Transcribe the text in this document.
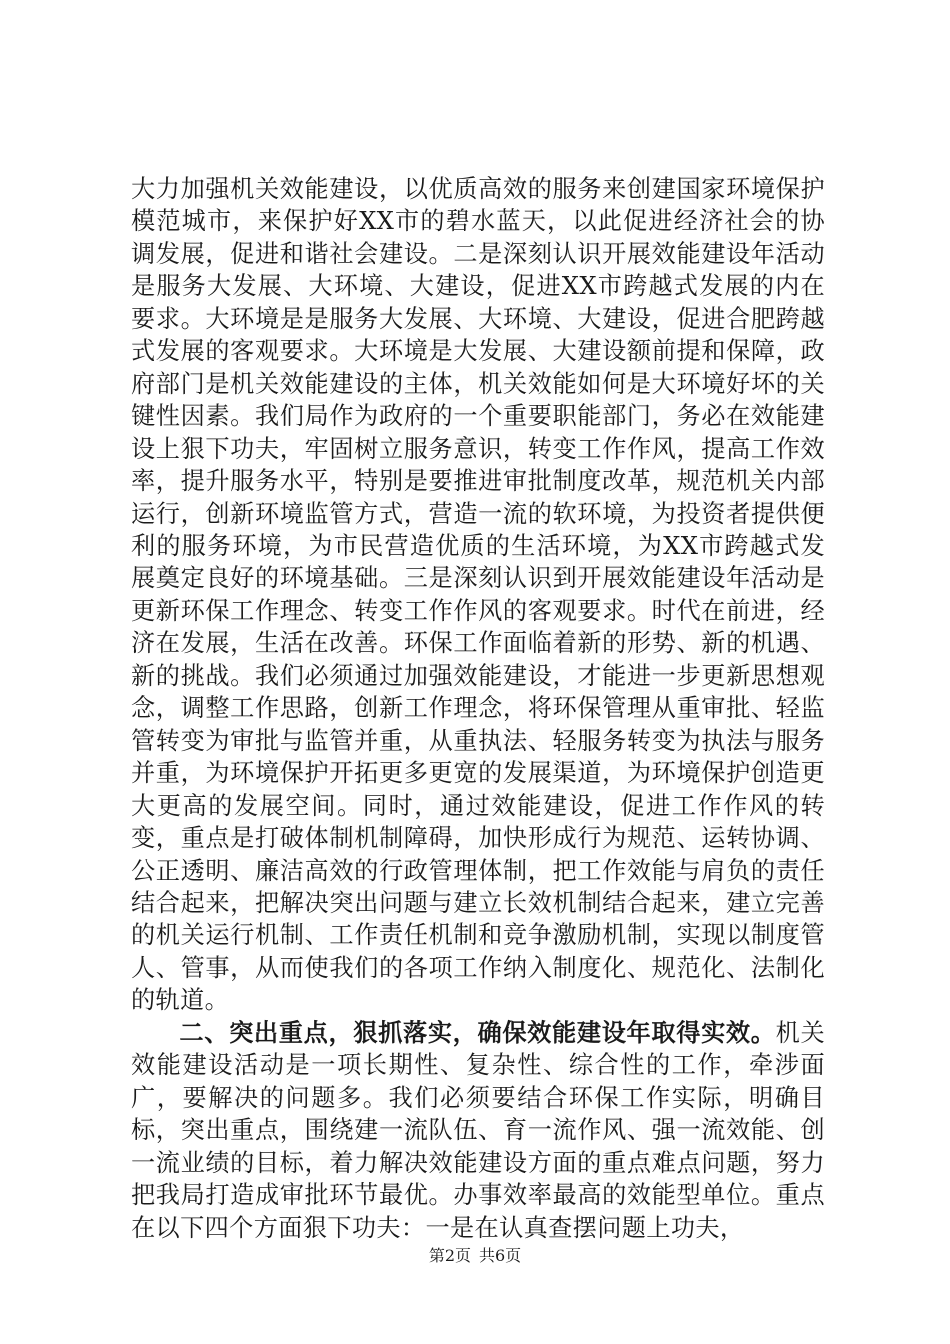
大力加强机关效能建设，以优质高效的服务来创建国家环境保护模范城市，来保护好XX市的碧水蓝天，以此促进经济社会的协调发展，促进和谐社会建设。二是深刻认识开展效能建设年活动是服务大发展、大环境、大建设，促进XX市跨越式发展的内在要求。大环境是是服务大发展、大环境、大建设，促进合肥跨越式发展的客观要求。大环境是大发展、大建设额前提和保障，政府部门是机关效能建设的主体，机关效能如何是大环境好坏的关键性因素。我们局作为政府的一个重要职能部门，务必在效能建设上狠下功夫，牢固树立服务意识，转变工作作风，提高工作效率，提升服务水平，特别是要推进审批制度改革，规范机关内部运行，创新环境监管方式，营造一流的软环境，为投资者提供便利的服务环境，为市民营造优质的生活环境，为XX市跨越式发展奠定良好的环境基础。三是深刻认识到开展效能建设年活动是更新环保工作理念、转变工作作风的客观要求。时代在前进，经济在发展，生活在改善。环保工作面临着新的形势、新的机遇、新的挑战。我们必须通过加强效能建设，才能进一步更新思想观念，调整工作思路，创新工作理念，将环保管理从重审批、轻监管转变为审批与监管并重，从重执法、轻服务转变为执法与服务并重，为环境保护开拓更多更宽的发展渠道，为环境保护创造更大更高的发展空间。同时，通过效能建设，促进工作作风的转变，重点是打破体制机制障碍，加快形成行为规范、运转协调、公正透明、廉洁高效的行政管理体制，把工作效能与肩负的责任结合起来，把解决突出问题与建立长效机制结合起来，建立完善的机关运行机制、工作责任机制和竞争激励机制，实现以制度管人、管事，从而使我们的各项工作纳入制度化、规范化、法制化的轨道。

二、突出重点，狠抓落实，确保效能建设年取得实效。机关效能建设活动是一项长期性、复杂性、综合性的工作，牵涉面广，要解决的问题多。我们必须要结合环保工作实际，明确目标，突出重点，围绕建一流队伍、育一流作风、强一流效能、创一流业绩的目标，着力解决效能建设方面的重点难点问题，努力把我局打造成审批环节最优。办事效率最高的效能型单位。重点在以下四个方面狠下功夫：一是在认真查摆问题上功夫，

第2页 共6页
